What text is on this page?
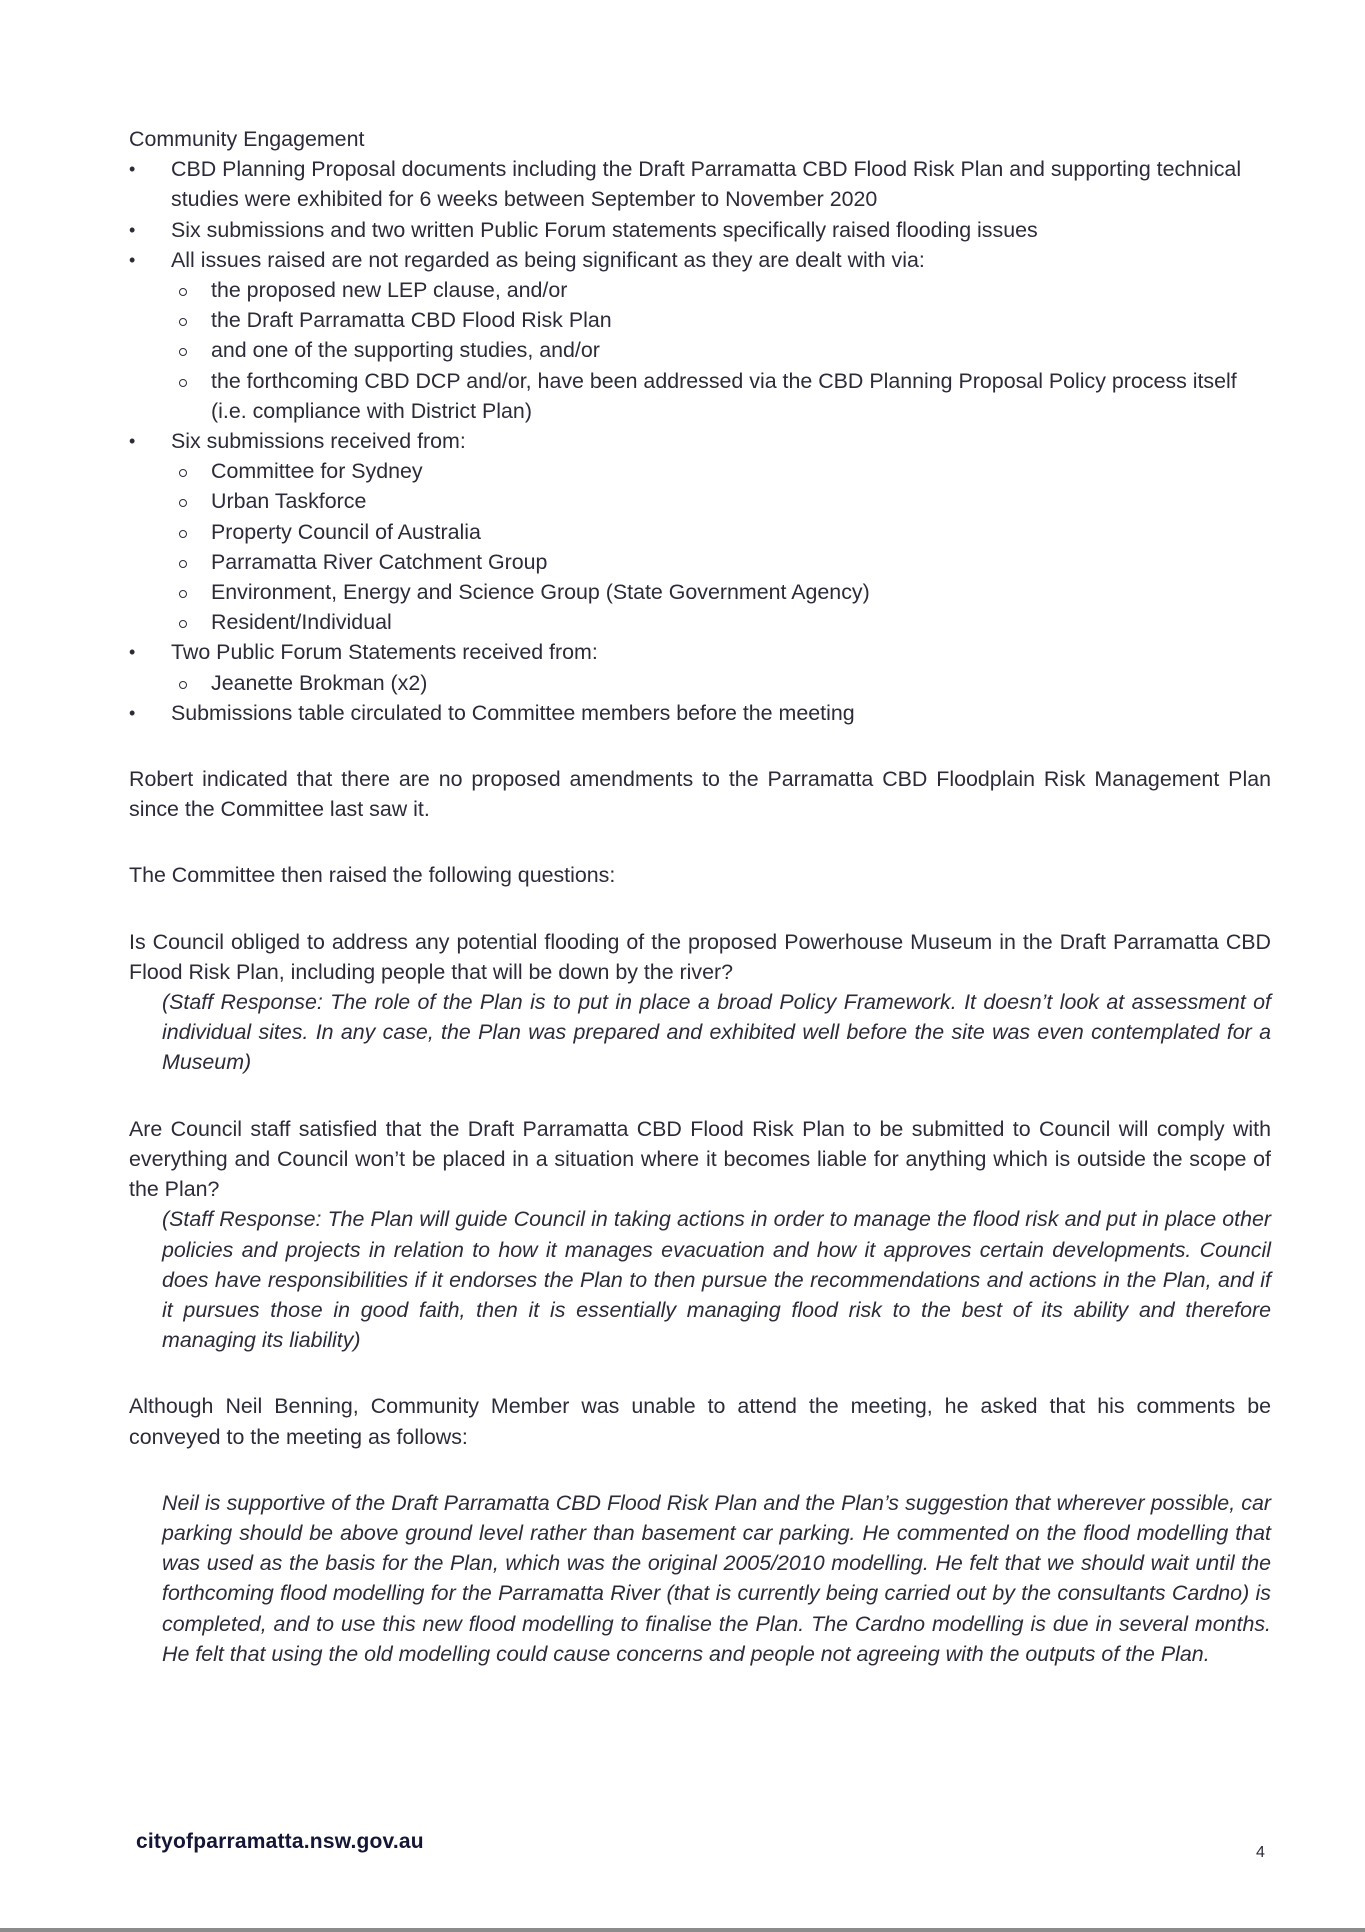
Community Engagement

• CBD Planning Proposal documents including the Draft Parramatta CBD Flood Risk Plan and supporting technical studies were exhibited for 6 weeks between September to November 2020
• Six submissions and two written Public Forum statements specifically raised flooding issues
• All issues raised are not regarded as being significant as they are dealt with via:
the proposed new LEP clause, and/or
the Draft Parramatta CBD Flood Risk Plan
and one of the supporting studies, and/or
the forthcoming CBD DCP and/or, have been addressed via the CBD Planning Proposal Policy process itself (i.e. compliance with District Plan)
• Six submissions received from:
Committee for Sydney
Urban Taskforce
Property Council of Australia
Parramatta River Catchment Group
Environment, Energy and Science Group (State Government Agency)
Resident/Individual
• Two Public Forum Statements received from:
Jeanette Brokman (x2)
• Submissions table circulated to Committee members before the meeting

Robert indicated that there are no proposed amendments to the Parramatta CBD Floodplain Risk Management Plan since the Committee last saw it.

The Committee then raised the following questions:

Is Council obliged to address any potential flooding of the proposed Powerhouse Museum in the Draft Parramatta CBD Flood Risk Plan, including people that will be down by the river?

(Staff Response: The role of the Plan is to put in place a broad Policy Framework. It doesn’t look at assessment of individual sites. In any case, the Plan was prepared and exhibited well before the site was even contemplated for a Museum)

Are Council staff satisfied that the Draft Parramatta CBD Flood Risk Plan to be submitted to Council will comply with everything and Council won’t be placed in a situation where it becomes liable for anything which is outside the scope of the Plan?

(Staff Response: The Plan will guide Council in taking actions in order to manage the flood risk and put in place other policies and projects in relation to how it manages evacuation and how it approves certain developments. Council does have responsibilities if it endorses the Plan to then pursue the recommendations and actions in the Plan, and if it pursues those in good faith, then it is essentially managing flood risk to the best of its ability and therefore managing its liability)

Although Neil Benning, Community Member was unable to attend the meeting, he asked that his comments be conveyed to the meeting as follows:

Neil is supportive of the Draft Parramatta CBD Flood Risk Plan and the Plan’s suggestion that wherever possible, car parking should be above ground level rather than basement car parking. He commented on the flood modelling that was used as the basis for the Plan, which was the original 2005/2010 modelling. He felt that we should wait until the forthcoming flood modelling for the Parramatta River (that is currently being carried out by the consultants Cardno) is completed, and to use this new flood modelling to finalise the Plan. The Cardno modelling is due in several months. He felt that using the old modelling could cause concerns and people not agreeing with the outputs of the Plan.

cityofparramatta.nsw.gov.au	4
